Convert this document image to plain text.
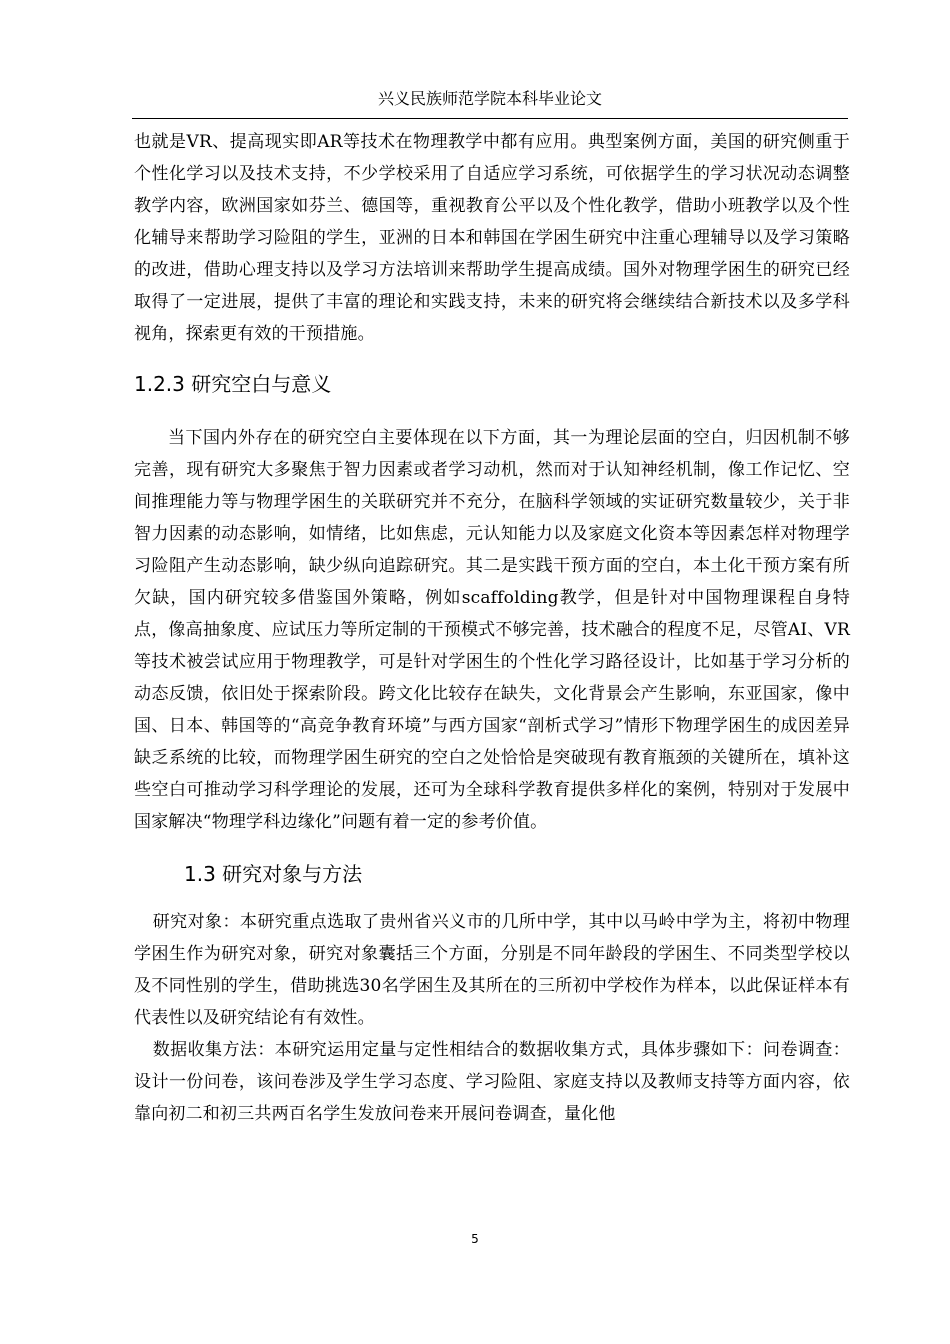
兴义民族师范学院本科毕业论文

也就是VR、提高现实即AR等技术在物理教学中都有应用。典型案例方面，美国的研究侧重于个性化学习以及技术支持，不少学校采用了自适应学习系统，可依据学生的学习状况动态调整教学内容，欧洲国家如芬兰、德国等，重视教育公平以及个性化教学，借助小班教学以及个性化辅导来帮助学习险阻的学生，亚洲的日本和韩国在学困生研究中注重心理辅导以及学习策略的改进，借助心理支持以及学习方法培训来帮助学生提高成绩。国外对物理学困生的研究已经取得了一定进展，提供了丰富的理论和实践支持，未来的研究将会继续结合新技术以及多学科视角，探索更有效的干预措施。

1.2.3 研究空白与意义

当下国内外存在的研究空白主要体现在以下方面，其一为理论层面的空白，归因机制不够完善，现有研究大多聚焦于智力因素或者学习动机，然而对于认知神经机制，像工作记忆、空间推理能力等与物理学困生的关联研究并不充分，在脑科学领域的实证研究数量较少，关于非智力因素的动态影响，如情绪，比如焦虑，元认知能力以及家庭文化资本等因素怎样对物理学习险阻产生动态影响，缺少纵向追踪研究。其二是实践干预方面的空白，本土化干预方案有所欠缺，国内研究较多借鉴国外策略，例如scaffolding教学，但是针对中国物理课程自身特点，像高抽象度、应试压力等所定制的干预模式不够完善，技术融合的程度不足，尽管AI、VR等技术被尝试应用于物理教学，可是针对学困生的个性化学习路径设计，比如基于学习分析的动态反馈，依旧处于探索阶段。跨文化比较存在缺失，文化背景会产生影响，东亚国家，像中国、日本、韩国等的“高竞争教育环境”与西方国家“剖析式学习”情形下物理学困生的成因差异缺乏系统的比较，而物理学困生研究的空白之处恰恰是突破现有教育瓶颈的关键所在，填补这些空白可推动学习科学理论的发展，还可为全球科学教育提供多样化的案例，特别对于发展中国家解决“物理学科边缘化”问题有着一定的参考价值。

1.3 研究对象与方法

研究对象：本研究重点选取了贵州省兴义市的几所中学，其中以马岭中学为主，将初中物理学困生作为研究对象，研究对象囊括三个方面，分别是不同年龄段的学困生、不同类型学校以及不同性别的学生，借助挑选30名学困生及其所在的三所初中学校作为样本，以此保证样本有代表性以及研究结论有有效性。

数据收集方法：本研究运用定量与定性相结合的数据收集方式，具体步骤如下：问卷调查：设计一份问卷，该问卷涉及学生学习态度、学习险阻、家庭支持以及教师支持等方面内容，依靠向初二和初三共两百名学生发放问卷来开展问卷调查，量化他

5
